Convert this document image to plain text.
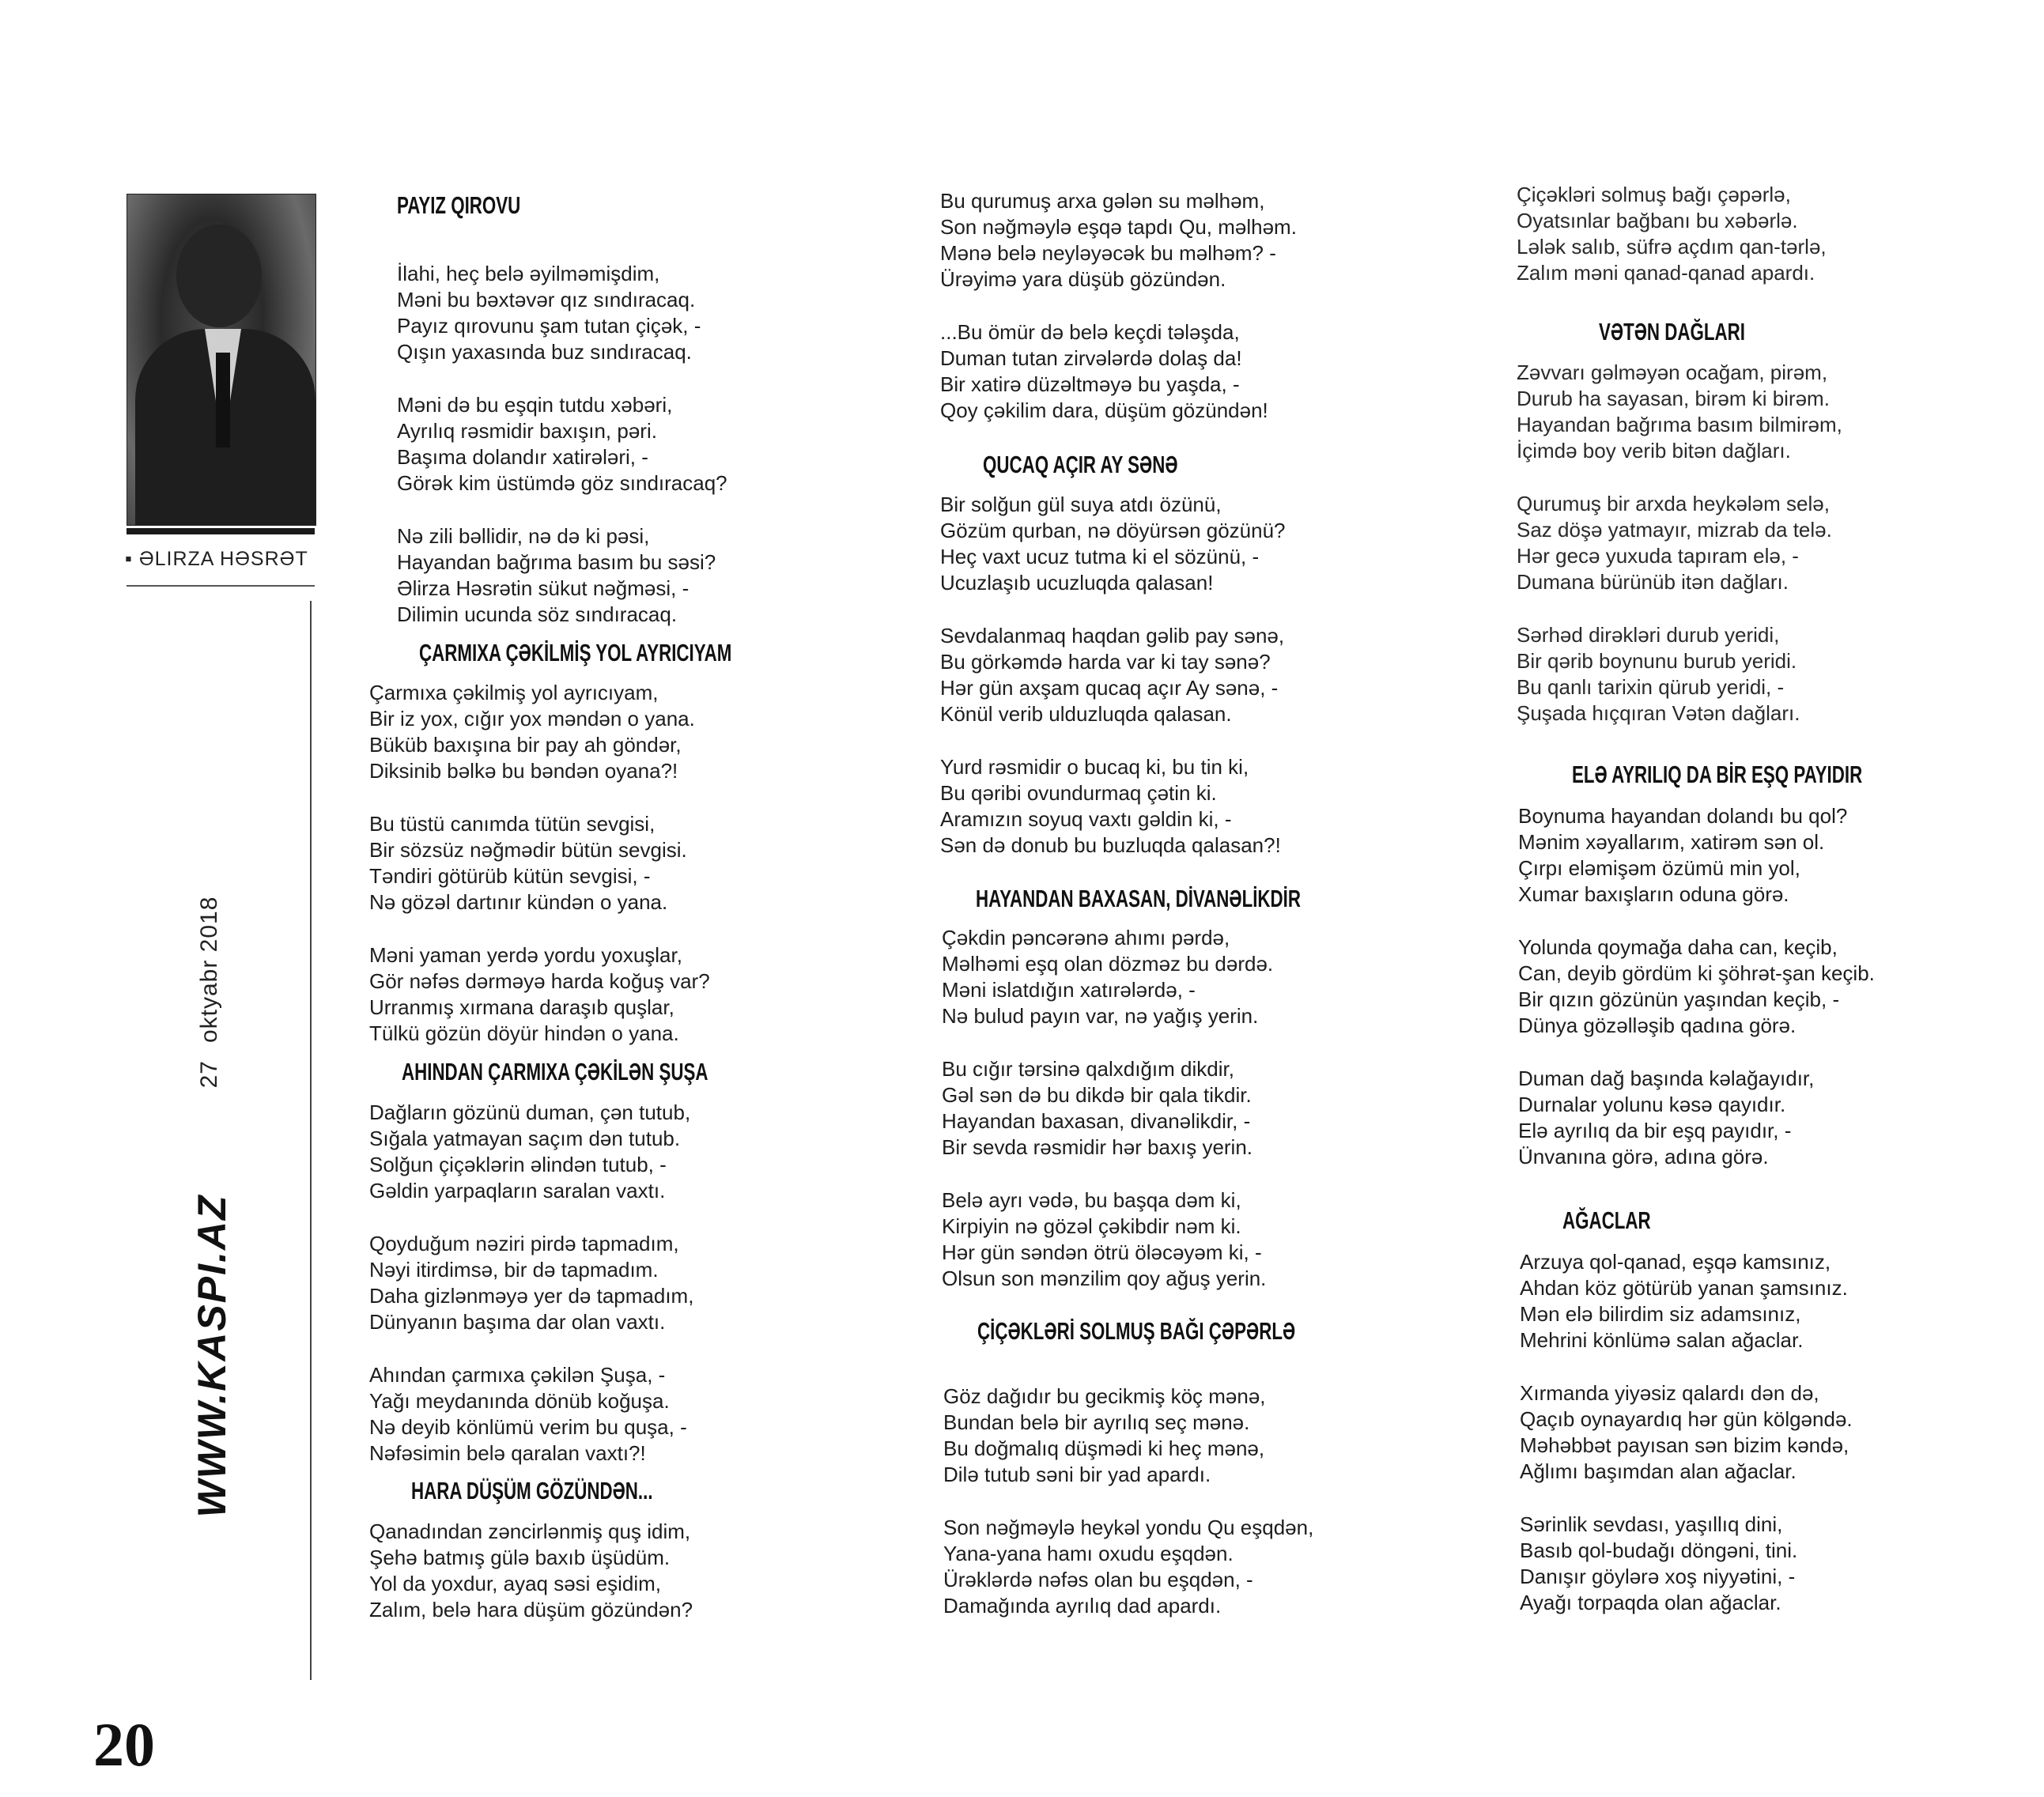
▪ ƏLIRZA HƏSRƏT
27oktyabr 2018
WWW.KASPI.AZ
20
PAYIZ QIROVU
İlahi, heç belə əyilməmişdim,
Məni bu bəxtəvər qız sındıracaq.
Payız qırovunu şam tutan çiçək, -
Qışın yaxasında buz sındıracaq.
Məni də bu eşqin tutdu xəbəri,
Ayrılıq rəsmidir baxışın, pəri.
Başıma dolandır xatirələri, -
Görək kim üstümdə göz sındıracaq?
Nə zili bəllidir, nə də ki pəsi,
Hayandan bağrıma basım bu səsi?
Əlirza Həsrətin sükut nəğməsi, -
Dilimin ucunda söz sındıracaq.
ÇARMIXA ÇƏKİLMİŞ YOL AYRICIYAM
Çarmıxa çəkilmiş yol ayrıcıyam,
Bir iz yox, cığır yox məndən o yana.
Büküb baxışına bir pay ah göndər,
Diksinib bəlkə bu bəndən oyana?!
Bu tüstü canımda tütün sevgisi,
Bir sözsüz nəğmədir bütün sevgisi.
Təndiri götürüb kütün sevgisi, -
Nə gözəl dartınır kündən o yana.
Məni yaman yerdə yordu yoxuşlar,
Gör nəfəs dərməyə harda koğuş var?
Urranmış xırmana daraşıb quşlar,
Tülkü gözün döyür hindən o yana.
AHINDAN ÇARMIXA ÇƏKİLƏN ŞUŞA
Dağların gözünü duman, çən tutub,
Sığala yatmayan saçım dən tutub.
Solğun çiçəklərin əlindən tutub, -
Gəldin yarpaqların saralan vaxtı.
Qoyduğum nəziri pirdə tapmadım,
Nəyi itirdimsə, bir də tapmadım.
Daha gizlənməyə yer də tapmadım,
Dünyanın başıma dar olan vaxtı.
Ahından çarmıxa çəkilən Şuşa, -
Yağı meydanında dönüb koğuşa.
Nə deyib könlümü verim bu quşa, -
Nəfəsimin belə qaralan vaxtı?!
HARA DÜŞÜM GÖZÜNDƏN...
Qanadından zəncirlənmiş quş idim,
Şehə batmış gülə baxıb üşüdüm.
Yol da yoxdur, ayaq səsi eşidim,
Zalım, belə hara düşüm gözündən?
Bu qurumuş arxa gələn su məlhəm,
Son nəğməylə eşqə tapdı Qu, məlhəm.
Mənə belə neyləyəcək bu məlhəm? -
Ürəyimə yara düşüb gözündən.
...Bu ömür də belə keçdi tələşda,
Duman tutan zirvələrdə dolaş da!
Bir xatirə düzəltməyə bu yaşda, -
Qoy çəkilim dara, düşüm gözündən!
QUCAQ AÇIR AY SƏNƏ
Bir solğun gül suya atdı özünü,
Gözüm qurban, nə döyürsən gözünü?
Heç vaxt ucuz tutma ki el sözünü, -
Ucuzlaşıb ucuzluqda qalasan!
Sevdalanmaq haqdan gəlib pay sənə,
Bu görkəmdə harda var ki tay sənə?
Hər gün axşam qucaq açır Ay sənə, -
Könül verib ulduzluqda qalasan.
Yurd rəsmidir o bucaq ki, bu tin ki,
Bu qəribi ovundurmaq çətin ki.
Aramızın soyuq vaxtı gəldin ki, -
Sən də donub bu buzluqda qalasan?!
HAYANDAN BAXASAN, DİVANƏLİKDİR
Çəkdin pəncərənə ahımı pərdə,
Məlhəmi eşq olan dözməz bu dərdə.
Məni islatdığın xatırələrdə, -
Nə bulud payın var, nə yağış yerin.
Bu cığır tərsinə qalxdığım dikdir,
Gəl sən də bu dikdə bir qala tikdir.
Hayandan baxasan, divanəlikdir, -
Bir sevda rəsmidir hər baxış yerin.
Belə ayrı vədə, bu başqa dəm ki,
Kirpiyin nə gözəl çəkibdir nəm ki.
Hər gün səndən ötrü öləcəyəm ki, -
Olsun son mənzilim qoy ağuş yerin.
ÇİÇƏKLƏRİ SOLMUŞ BAĞI ÇƏPƏRLƏ
Göz dağıdır bu gecikmiş köç mənə,
Bundan belə bir ayrılıq seç mənə.
Bu doğmalıq düşmədi ki heç mənə,
Dilə tutub səni bir yad apardı.
Son nəğməylə heykəl yondu Qu eşqdən,
Yana-yana hamı oxudu eşqdən.
Ürəklərdə nəfəs olan bu eşqdən, -
Damağında ayrılıq dad apardı.
Çiçəkləri solmuş bağı çəpərlə,
Oyatsınlar bağbanı bu xəbərlə.
Lələk salıb, süfrə açdım qan-tərlə,
Zalım məni qanad-qanad apardı.
VƏTƏN DAĞLARI
Zəvvarı gəlməyən ocağam, pirəm,
Durub ha sayasan, birəm ki birəm.
Hayandan bağrıma basım bilmirəm,
İçimdə boy verib bitən dağları.
Qurumuş bir arxda heykələm selə,
Saz döşə yatmayır, mizrab da telə.
Hər gecə yuxuda tapıram elə, -
Dumana bürünüb itən dağları.
Sərhəd dirəkləri durub yeridi,
Bir qərib boynunu burub yeridi.
Bu qanlı tarixin qürub yeridi, -
Şuşada hıçqıran Vətən dağları.
ELƏ AYRILIQ DA BİR EŞQ PAYIDIR
Boynuma hayandan dolandı bu qol?
Mənim xəyallarım, xatirəm sən ol.
Çırpı eləmişəm özümü min yol,
Xumar baxışların oduna görə.
Yolunda qoymağa daha can, keçib,
Can, deyib gördüm ki şöhrət-şan keçib.
Bir qızın gözünün yaşından keçib, -
Dünya gözəlləşib qadına görə.
Duman dağ başında kəlağayıdır,
Durnalar yolunu kəsə qayıdır.
Elə ayrılıq da bir eşq payıdır, -
Ünvanına görə, adına görə.
AĞACLAR
Arzuya qol-qanad, eşqə kamsınız,
Ahdan köz götürüb yanan şamsınız.
Mən elə bilirdim siz adamsınız,
Mehrini könlümə salan ağaclar.
Xırmanda yiyəsiz qalardı dən də,
Qaçıb oynayardıq hər gün kölgəndə.
Məhəbbət payısan sən bizim kəndə,
Ağlımı başımdan alan ağaclar.
Sərinlik sevdası, yaşıllıq dini,
Basıb qol-budağı döngəni, tini.
Danışır göylərə xoş niyyətini, -
Ayağı torpaqda olan ağaclar.
